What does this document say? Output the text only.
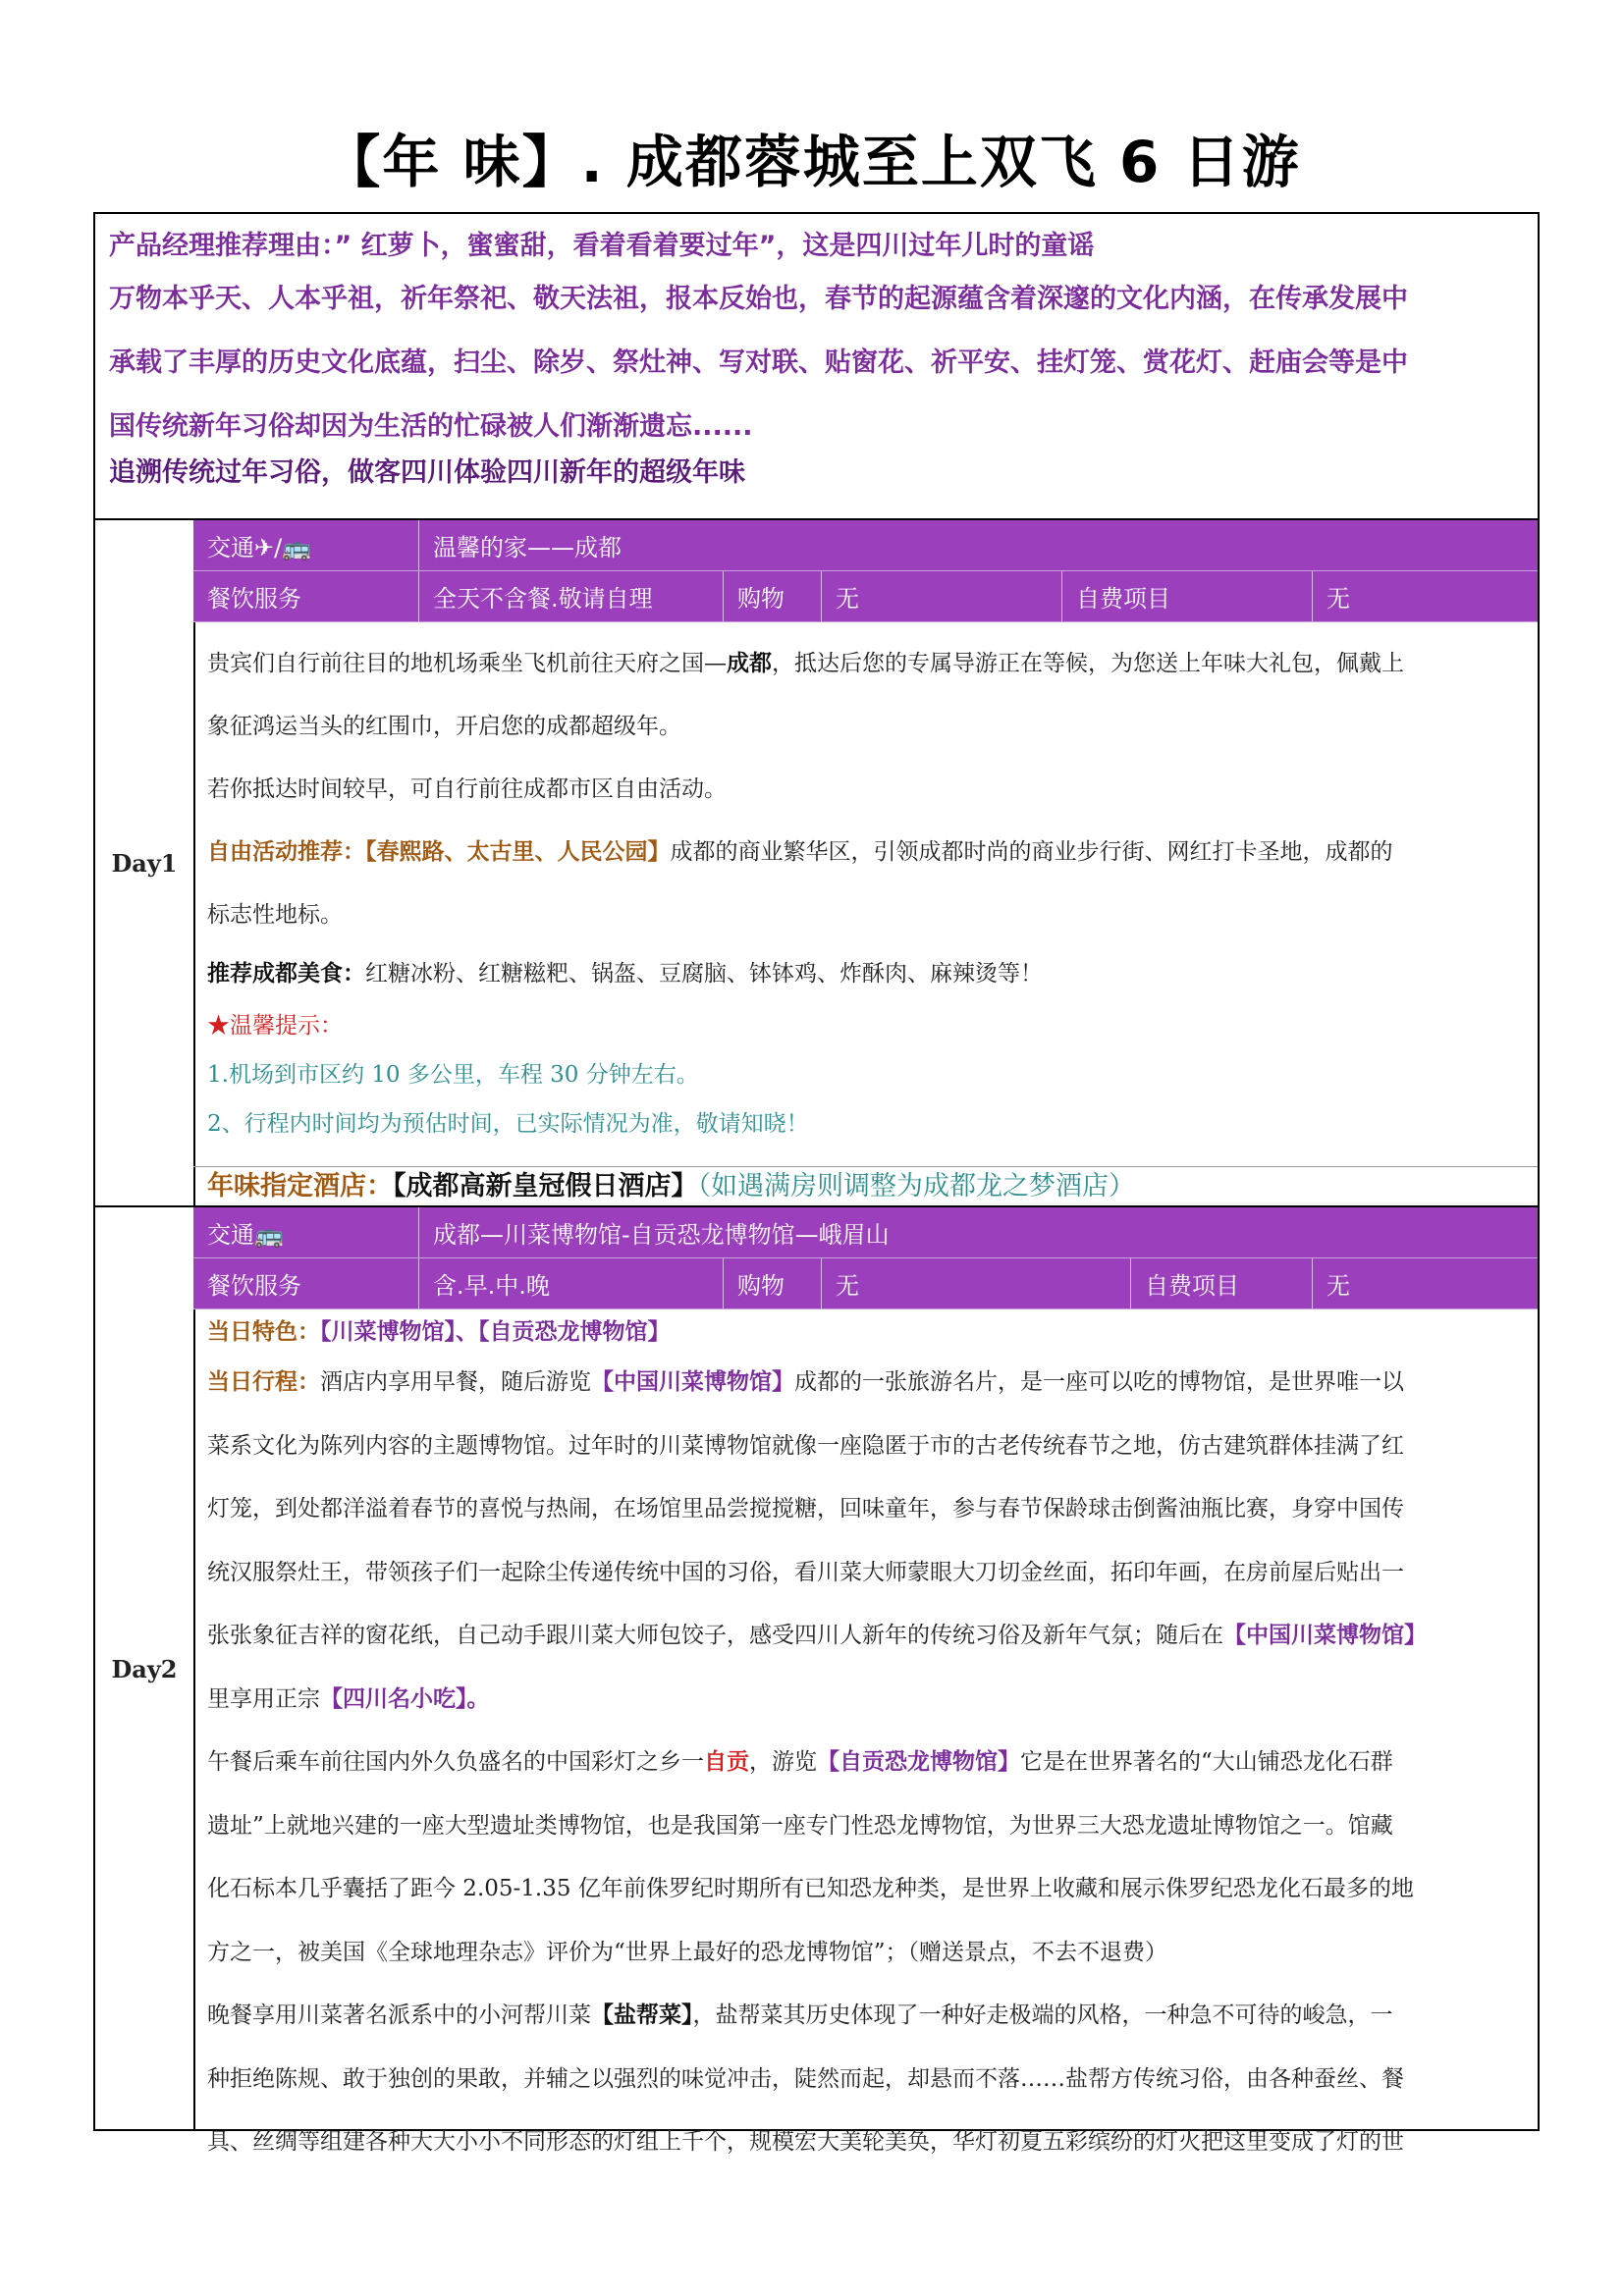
【年 味】. 成都蓉城至上双飞 6 日游
产品经理推荐理由：” 红萝卜，蜜蜜甜，看着看着要过年”，这是四川过年儿时的童谣
万物本乎天、人本乎祖，祈年祭祀、敬天法祖，报本反始也，春节的起源蕴含着深邃的文化内涵，在传承发展中
承载了丰厚的历史文化底蕴，扫尘、除岁、祭灶神、写对联、贴窗花、祈平安、挂灯笼、赏花灯、赶庙会等是中
国传统新年习俗却因为生活的忙碌被人们渐渐遗忘......
追溯传统过年习俗，做客四川体验四川新年的超级年味
Day1
交通✈/🚌	温馨的家——成都
餐饮服务	全天不含餐.敬请自理	购物	无	自费项目	无
贵宾们自行前往目的地机场乘坐飞机前往天府之国—成都，抵达后您的专属导游正在等候，为您送上年味大礼包，佩戴上
象征鸿运当头的红围巾，开启您的成都超级年。
若你抵达时间较早，可自行前往成都市区自由活动。
自由活动推荐：【春熙路、太古里、人民公园】成都的商业繁华区，引领成都时尚的商业步行街、网红打卡圣地，成都的
标志性地标。
推荐成都美食：红糖冰粉、红糖糍粑、锅盔、豆腐脑、钵钵鸡、炸酥肉、麻辣烫等！
★温馨提示：
1.机场到市区约 10 多公里，车程 30 分钟左右。
2、行程内时间均为预估时间，已实际情况为准，敬请知晓！
年味指定酒店：【成都高新皇冠假日酒店】（如遇满房则调整为成都龙之梦酒店）
Day2
交通🚌	成都—川菜博物馆-自贡恐龙博物馆—峨眉山
餐饮服务	含.早.中.晚	购物	无	自费项目	无
当日特色：【川菜博物馆】、【自贡恐龙博物馆】
当日行程：酒店内享用早餐，随后游览【中国川菜博物馆】成都的一张旅游名片，是一座可以吃的博物馆，是世界唯一以
菜系文化为陈列内容的主题博物馆。过年时的川菜博物馆就像一座隐匿于市的古老传统春节之地，仿古建筑群体挂满了红
灯笼，到处都洋溢着春节的喜悦与热闹，在场馆里品尝搅搅糖，回味童年，参与春节保龄球击倒酱油瓶比赛，身穿中国传
统汉服祭灶王，带领孩子们一起除尘传递传统中国的习俗，看川菜大师蒙眼大刀切金丝面，拓印年画，在房前屋后贴出一
张张象征吉祥的窗花纸，自己动手跟川菜大师包饺子，感受四川人新年的传统习俗及新年气氛；随后在【中国川菜博物馆】
里享用正宗【四川名小吃】。
午餐后乘车前往国内外久负盛名的中国彩灯之乡一自贡，游览【自贡恐龙博物馆】它是在世界著名的“大山铺恐龙化石群
遗址”上就地兴建的一座大型遗址类博物馆，也是我国第一座专门性恐龙博物馆，为世界三大恐龙遗址博物馆之一。馆藏
化石标本几乎囊括了距今 2.05-1.35 亿年前侏罗纪时期所有已知恐龙种类，是世界上收藏和展示侏罗纪恐龙化石最多的地
方之一，被美国《全球地理杂志》评价为“世界上最好的恐龙博物馆”；（赠送景点，不去不退费）
晚餐享用川菜著名派系中的小河帮川菜【盐帮菜】，盐帮菜其历史体现了一种好走极端的风格，一种急不可待的峻急，一
种拒绝陈规、敢于独创的果敢，并辅之以强烈的味觉冲击，陡然而起，却悬而不落……盐帮方传统习俗，由各种蚕丝、餐
具、丝绸等组建各种大大小小不同形态的灯组上千个，规模宏大美轮美奂，华灯初夏五彩缤纷的灯火把这里变成了灯的世
